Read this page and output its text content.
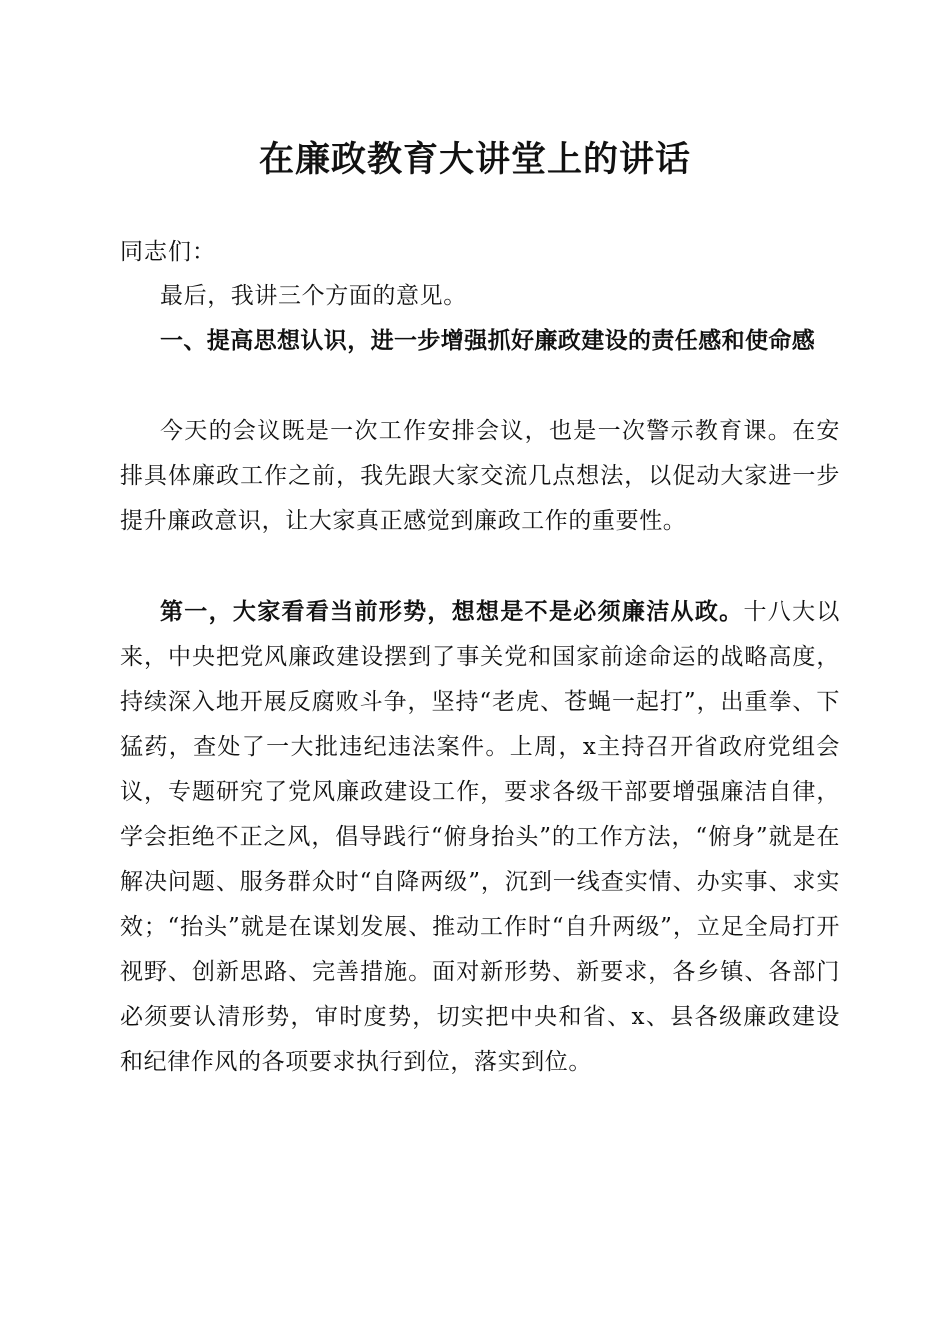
在廉政教育大讲堂上的讲话

同志们：

最后，我讲三个方面的意见。

一、提高思想认识，进一步增强抓好廉政建设的责任感和使命感

今天的会议既是一次工作安排会议，也是一次警示教育课。在安排具体廉政工作之前，我先跟大家交流几点想法，以促动大家进一步提升廉政意识，让大家真正感觉到廉政工作的重要性。

第一，大家看看当前形势，想想是不是必须廉洁从政。十八大以来，中央把党风廉政建设摆到了事关党和国家前途命运的战略高度，持续深入地开展反腐败斗争，坚持“老虎、苍蝇一起打”，出重拳、下猛药，查处了一大批违纪违法案件。上周，x主持召开省政府党组会议，专题研究了党风廉政建设工作，要求各级干部要增强廉洁自律，学会拒绝不正之风，倡导践行“俯身抬头”的工作方法，“俯身”就是在解决问题、服务群众时“自降两级”，沉到一线查实情、办实事、求实效；“抬头”就是在谋划发展、推动工作时“自升两级”，立足全局打开视野、创新思路、完善措施。面对新形势、新要求，各乡镇、各部门必须要认清形势，审时度势，切实把中央和省、x、县各级廉政建设和纪律作风的各项要求执行到位，落实到位。
